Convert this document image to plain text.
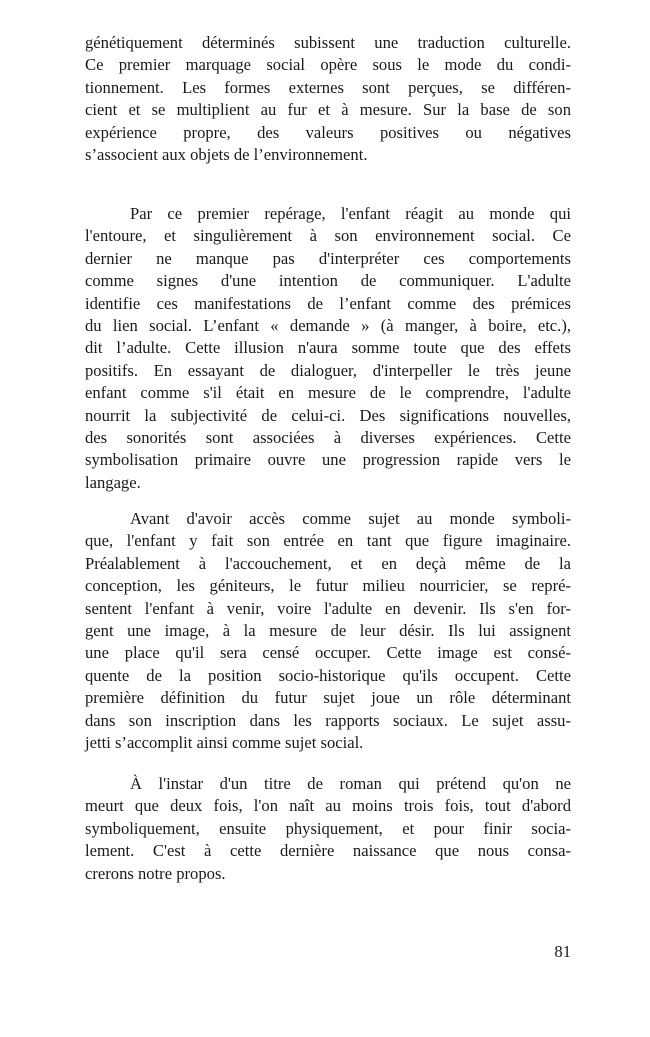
génétiquement déterminés subissent une traduction culturelle.
Ce premier marquage social opère sous le mode du condi-
tionnement. Les formes externes sont perçues, se différen-
cient et se multiplient au fur et à mesure. Sur la base de son
expérience propre, des valeurs positives ou négatives
s’associent aux objets de l’environnement.
Par ce premier repérage, l'enfant réagit au monde qui
l'entoure, et singulièrement à son environnement social. Ce
dernier ne manque pas d'interpréter ces comportements
comme signes d'une intention de communiquer. L'adulte
identifie ces manifestations de l’enfant comme des prémices
du lien social. L’enfant « demande » (à manger, à boire, etc.),
dit l’adulte. Cette illusion n'aura somme toute que des effets
positifs. En essayant de dialoguer, d'interpeller le très jeune
enfant comme s'il était en mesure de le comprendre, l'adulte
nourrit la subjectivité de celui-ci. Des significations nouvelles,
des sonorités sont associées à diverses expériences. Cette
symbolisation primaire ouvre une progression rapide vers le
langage.
Avant d'avoir accès comme sujet au monde symboli-
que, l'enfant y fait son entrée en tant que figure imaginaire.
Préalablement à l'accouchement, et en deçà même de la
conception, les géniteurs, le futur milieu nourricier, se repré-
sentent l'enfant à venir, voire l'adulte en devenir. Ils s'en for-
gent une image, à la mesure de leur désir. Ils lui assignent
une place qu'il sera censé occuper. Cette image est consé-
quente de la position socio-historique qu'ils occupent. Cette
première définition du futur sujet joue un rôle déterminant
dans son inscription dans les rapports sociaux. Le sujet assu-
jetti s’accomplit ainsi comme sujet social.
À l'instar d'un titre de roman qui prétend qu'on ne
meurt que deux fois, l'on naît au moins trois fois, tout d'abord
symboliquement, ensuite physiquement, et pour finir socia-
lement. C'est à cette dernière naissance que nous consa-
crerons notre propos.
81
